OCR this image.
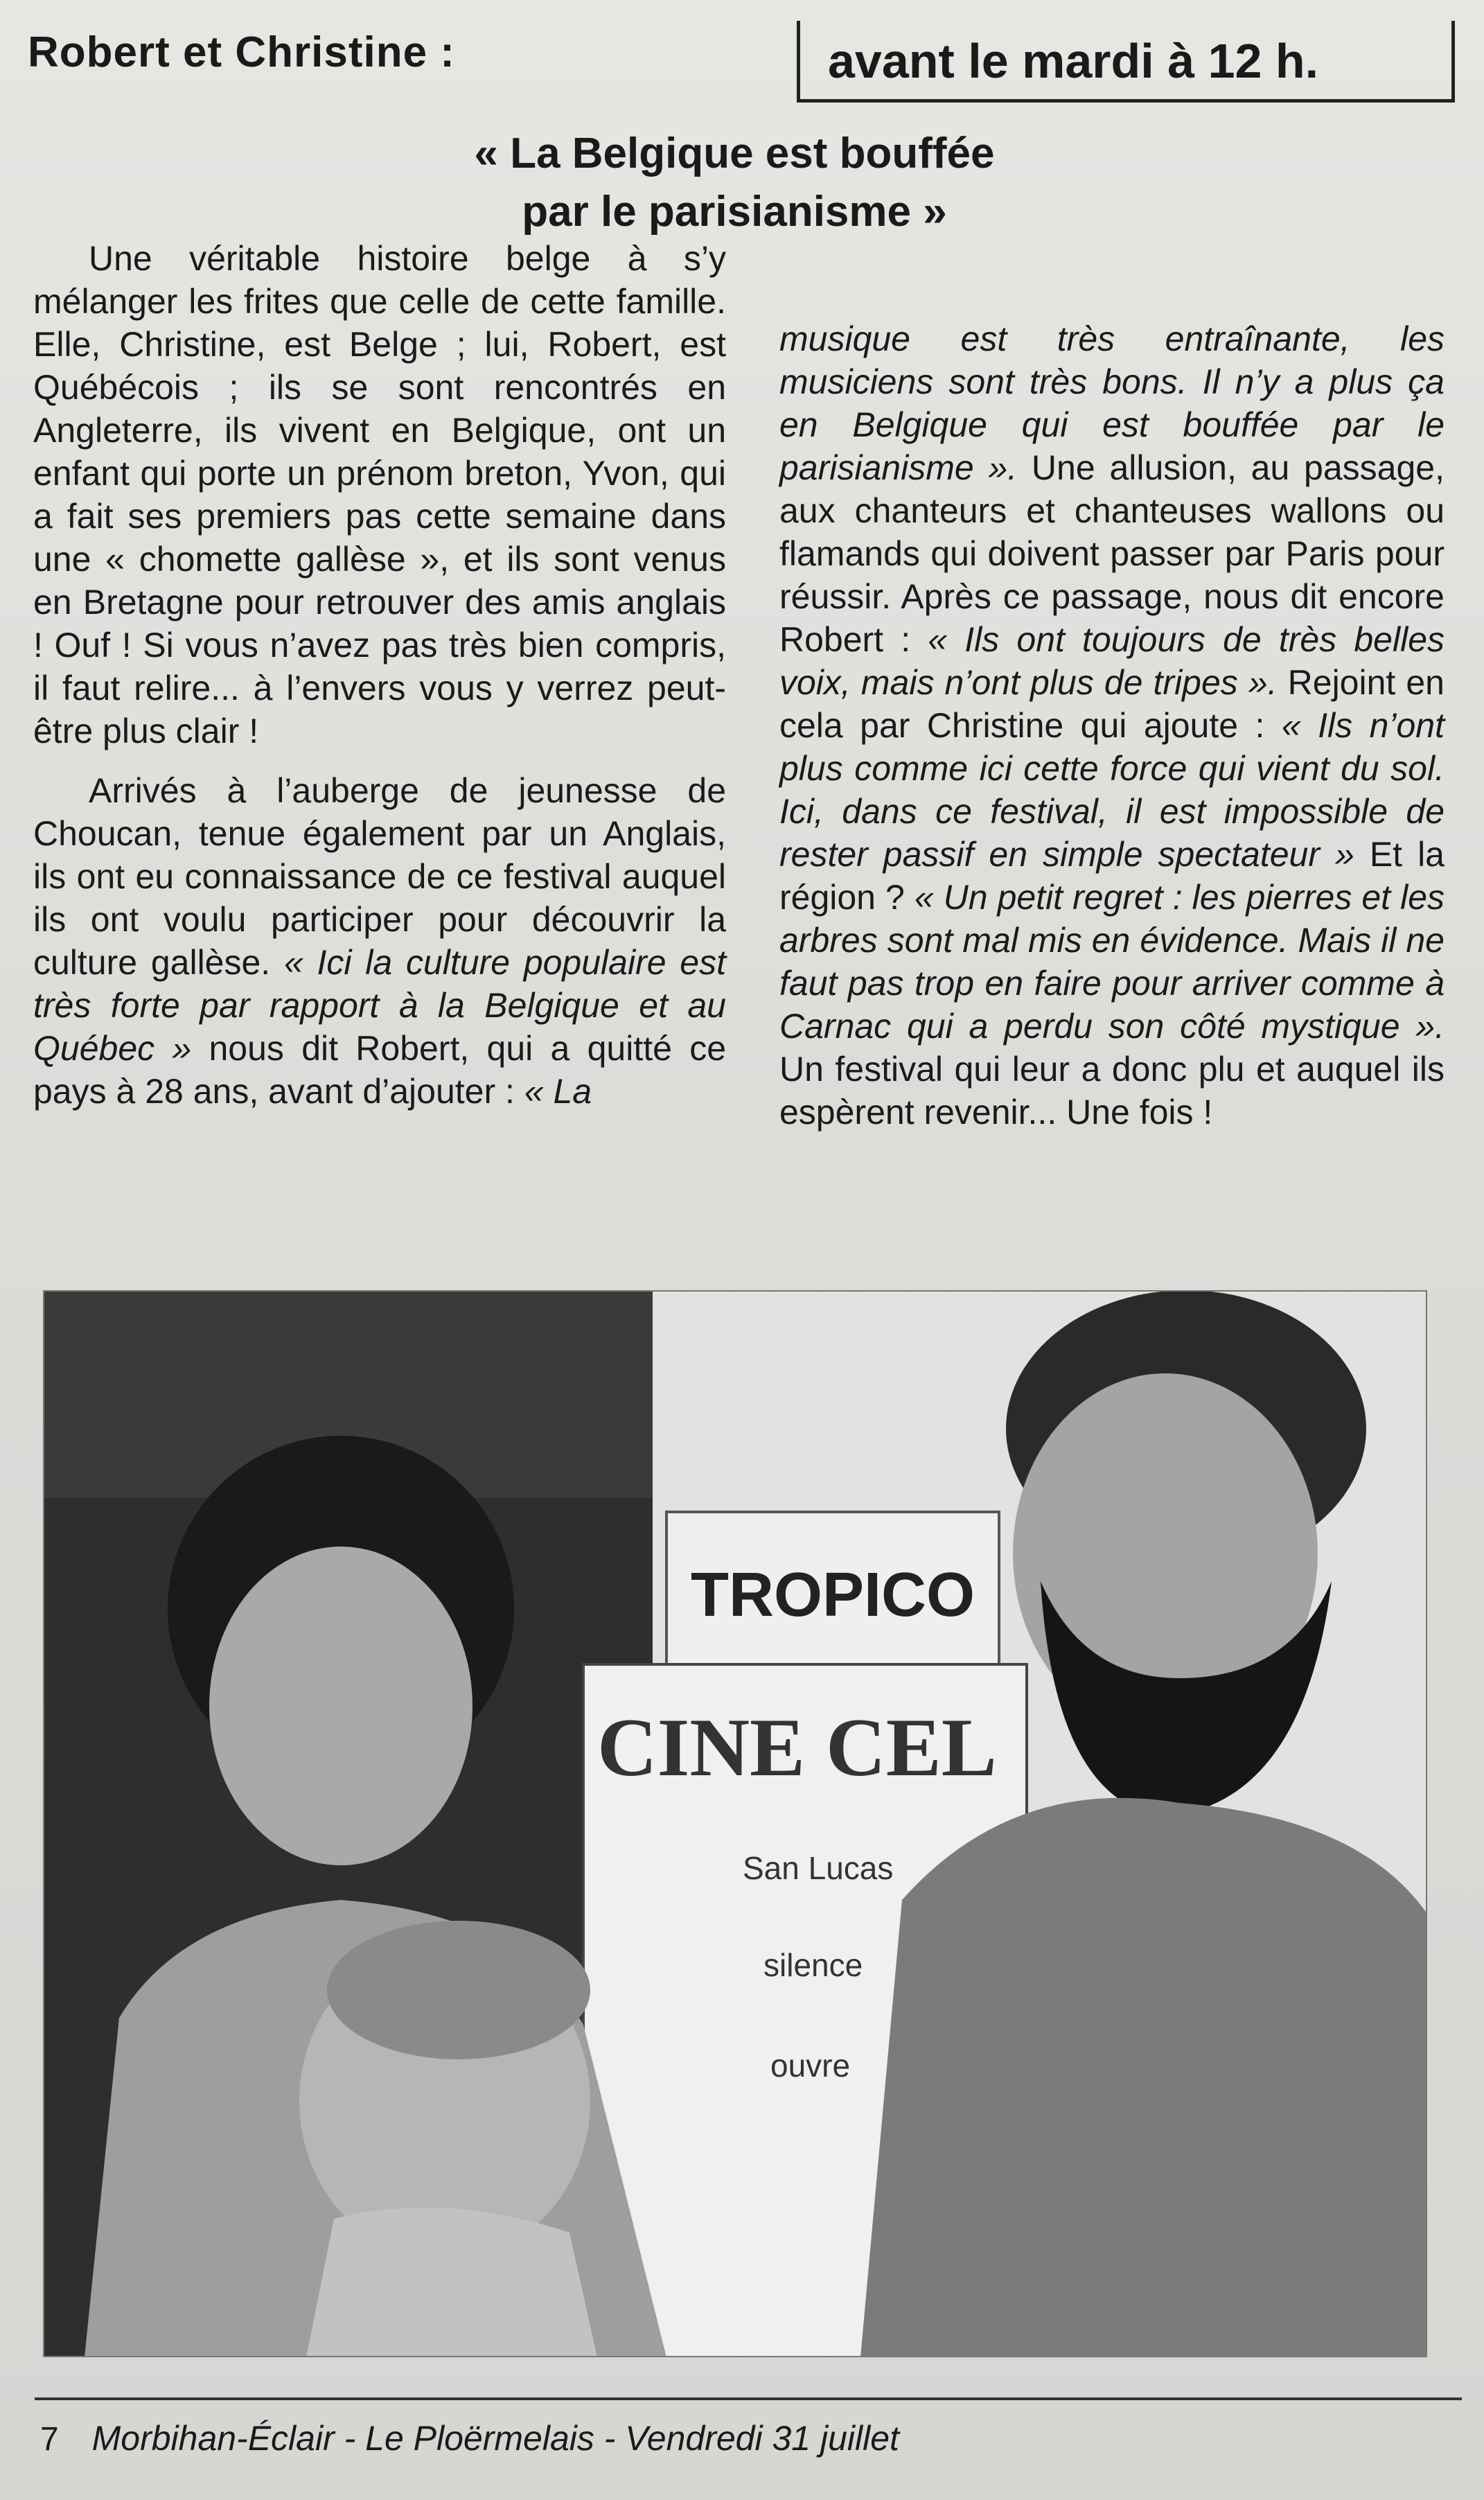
Robert et Christine :	avant le mardi à 12 h.
« La Belgique est bouffée
par le parisianisme »

Une véritable histoire belge à s’y mélanger les frites que celle de cette famille. Elle, Christine, est Belge ; lui, Robert, est Québécois ; ils se sont rencontrés en Angleterre, ils vivent en Belgique, ont un enfant qui porte un prénom breton, Yvon, qui a fait ses premiers pas cette semaine dans une « chomette gallèse », et ils sont venus en Bretagne pour retrouver des amis anglais ! Ouf ! Si vous n’avez pas très bien compris, il faut relire... à l’envers vous y verrez peut-être plus clair !

Arrivés à l’auberge de jeunesse de Choucan, tenue également par un Anglais, ils ont eu connaissance de ce festival auquel ils ont voulu participer pour découvrir la culture gallèse. « Ici la culture populaire est très forte par rapport à la Belgique et au Québec » nous dit Robert, qui a quitté ce pays à 28 ans, avant d’ajouter : « La

musique est très entraînante, les musiciens sont très bons. Il n’y a plus ça en Belgique qui est bouffée par le parisianisme ». Une allusion, au passage, aux chanteurs et chanteuses wallons ou flamands qui doivent passer par Paris pour réussir. Après ce passage, nous dit encore Robert : « Ils ont toujours de très belles voix, mais n’ont plus de tripes ». Rejoint en cela par Christine qui ajoute : « Ils n’ont plus comme ici cette force qui vient du sol. Ici, dans ce festival, il est impossible de rester passif en simple spectateur » Et la région ? « Un petit regret : les pierres et les arbres sont mal mis en évidence. Mais il ne faut pas trop en faire pour arriver comme à Carnac qui a perdu son côté mystique ». Un festival qui leur a donc plu et auquel ils espèrent revenir... Une fois !
TROPICO
CINE CEL
San Lucas
silence
ouvre
7 Morbihan-Éclair - Le Ploërmelais - Vendredi 31 juillet
